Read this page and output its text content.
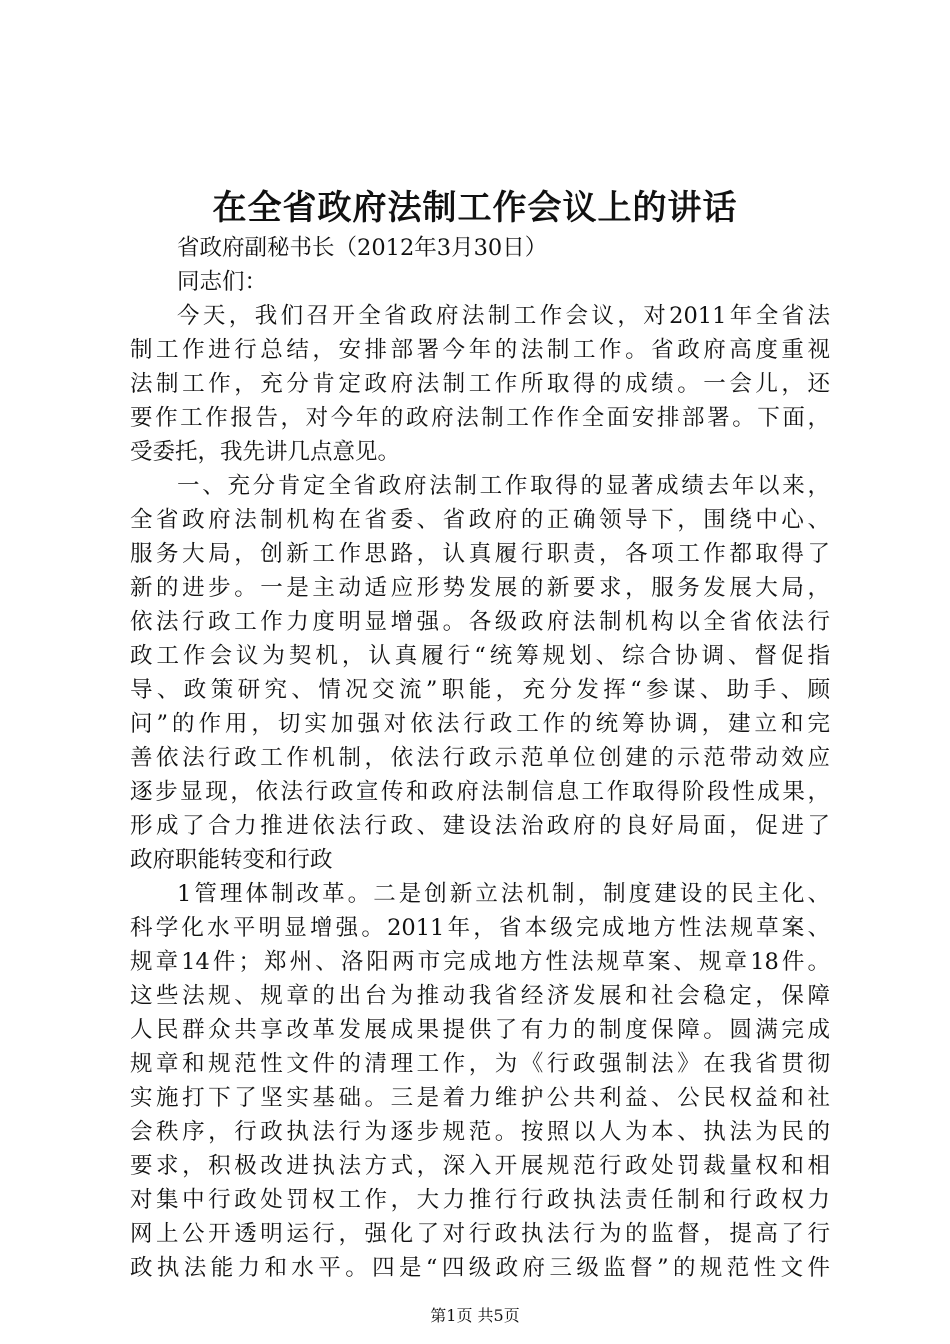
在全省政府法制工作会议上的讲话
省政府副秘书长（2012年3月30日）
同志们：
今天，我们召开全省政府法制工作会议，对2011年全省法
制工作进行总结，安排部署今年的法制工作。省政府高度重视
法制工作，充分肯定政府法制工作所取得的成绩。一会儿，还
要作工作报告，对今年的政府法制工作作全面安排部署。下面，
受委托，我先讲几点意见。
一、充分肯定全省政府法制工作取得的显著成绩去年以来，
全省政府法制机构在省委、省政府的正确领导下，围绕中心、
服务大局，创新工作思路，认真履行职责，各项工作都取得了
新的进步。一是主动适应形势发展的新要求，服务发展大局，
依法行政工作力度明显增强。各级政府法制机构以全省依法行
政工作会议为契机，认真履行“统筹规划、综合协调、督促指
导、政策研究、情况交流”职能，充分发挥“参谋、助手、顾
问”的作用，切实加强对依法行政工作的统筹协调，建立和完
善依法行政工作机制，依法行政示范单位创建的示范带动效应
逐步显现，依法行政宣传和政府法制信息工作取得阶段性成果，
形成了合力推进依法行政、建设法治政府的良好局面，促进了
政府职能转变和行政
1管理体制改革。二是创新立法机制，制度建设的民主化、
科学化水平明显增强。2011年，省本级完成地方性法规草案、
规章14件；郑州、洛阳两市完成地方性法规草案、规章18件。
这些法规、规章的出台为推动我省经济发展和社会稳定，保障
人民群众共享改革发展成果提供了有力的制度保障。圆满完成
规章和规范性文件的清理工作，为《行政强制法》在我省贯彻
实施打下了坚实基础。三是着力维护公共利益、公民权益和社
会秩序，行政执法行为逐步规范。按照以人为本、执法为民的
要求，积极改进执法方式，深入开展规范行政处罚裁量权和相
对集中行政处罚权工作，大力推行行政执法责任制和行政权力
网上公开透明运行，强化了对行政执法行为的监督，提高了行
政执法能力和水平。四是“四级政府三级监督”的规范性文件
第1页 共5页
